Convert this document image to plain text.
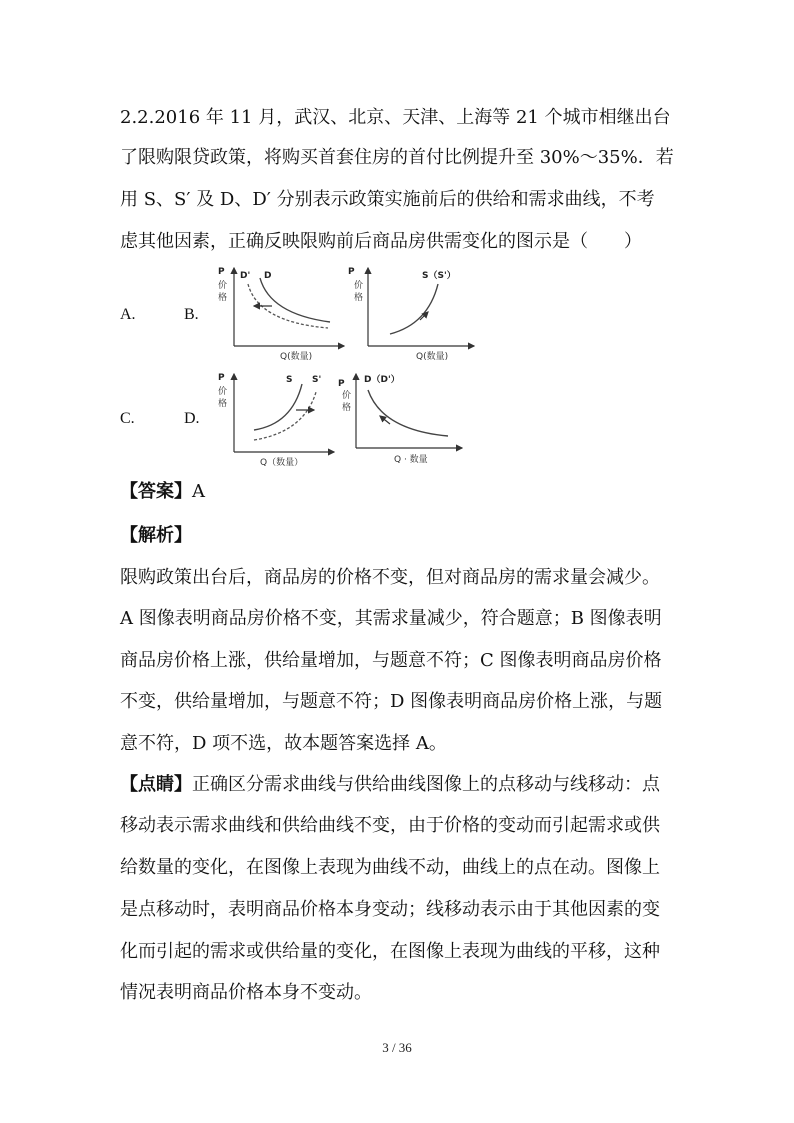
2.2.2016 年 11 月，武汉、北京、天津、上海等 21 个城市相继出台
了限购限贷政策，将购买首套住房的首付比例提升至 30%～35%．若
用 S、S′ 及 D、D′ 分别表示政策实施前后的供给和需求曲线，不考
虑其他因素，正确反映限购前后商品房供需变化的图示是（　　）
A.	B.
C.	D.
P
价
格
D' D
Q(数量)
P
价
格
S（S'）
Q(数量)
P
价
格
S S'
Q（数量）
P
价
格
D（D'）
Q · 数量
【答案】A
【解析】
限购政策出台后，商品房的价格不变，但对商品房的需求量会减少。
A 图像表明商品房价格不变，其需求量减少，符合题意；B 图像表明
商品房价格上涨，供给量增加，与题意不符；C 图像表明商品房价格
不变，供给量增加，与题意不符；D 图像表明商品房价格上涨，与题
意不符，D 项不选，故本题答案选择 A。
【点睛】正确区分需求曲线与供给曲线图像上的点移动与线移动：点
移动表示需求曲线和供给曲线不变，由于价格的变动而引起需求或供
给数量的变化，在图像上表现为曲线不动，曲线上的点在动。图像上
是点移动时，表明商品价格本身变动；线移动表示由于其他因素的变
化而引起的需求或供给量的变化，在图像上表现为曲线的平移，这种
情况表明商品价格本身不变动。
3 / 36
